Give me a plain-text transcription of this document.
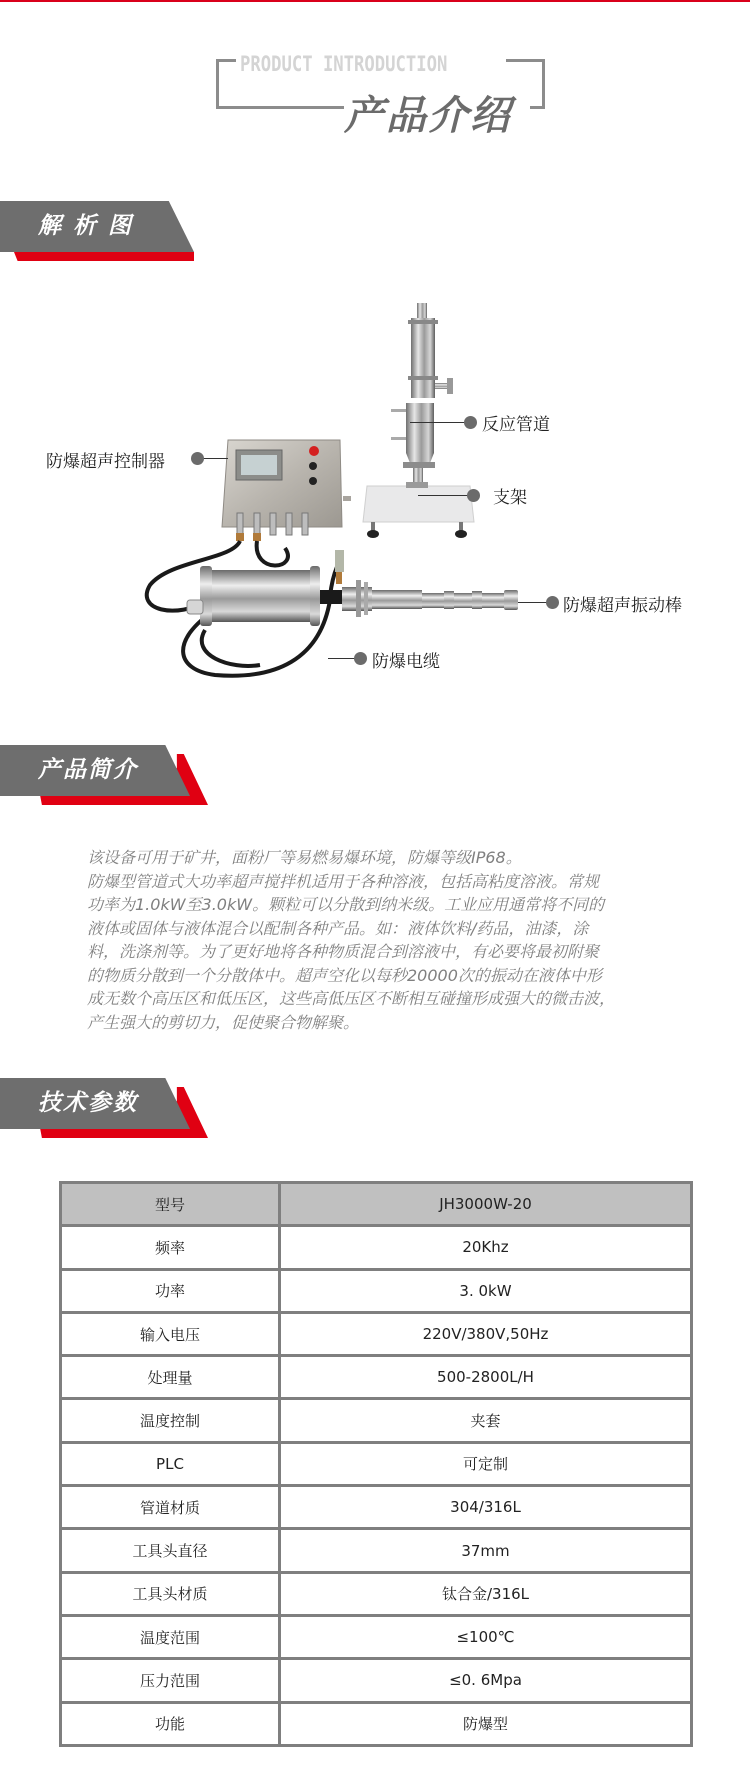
PRODUCT INTRODUCTION
产品介绍
解 析 图
反应管道
防爆超声控制器
支架
防爆超声振动棒
防爆电缆
产品简介

该设备可用于矿井，面粉厂等易燃易爆环境，防爆等级IP68。

防爆型管道式大功率超声搅拌机适用于各种溶液，包括高粘度溶液。常规

功率为1.0kW至3.0kW。颗粒可以分散到纳米级。工业应用通常将不同的

液体或固体与液体混合以配制各种产品。如：液体饮料/药品，油漆，涂

料，洗涤剂等。为了更好地将各种物质混合到溶液中，有必要将最初附聚

的物质分散到一个分散体中。超声空化以每秒20000次的振动在液体中形

成无数个高压区和低压区，这些高低压区不断相互碰撞形成强大的微击波，

产生强大的剪切力，促使聚合物解聚。

技术参数
型号	JH3000W-20
频率	20Khz
功率	3. 0kW
输入电压	220V/380V,50Hz
处理量	500-2800L/H
温度控制	夹套
PLC	可定制
管道材质	304/316L
工具头直径	37mm
工具头材质	钛合金/316L
温度范围	≤100℃
压力范围	≤0. 6Mpa
功能	防爆型
